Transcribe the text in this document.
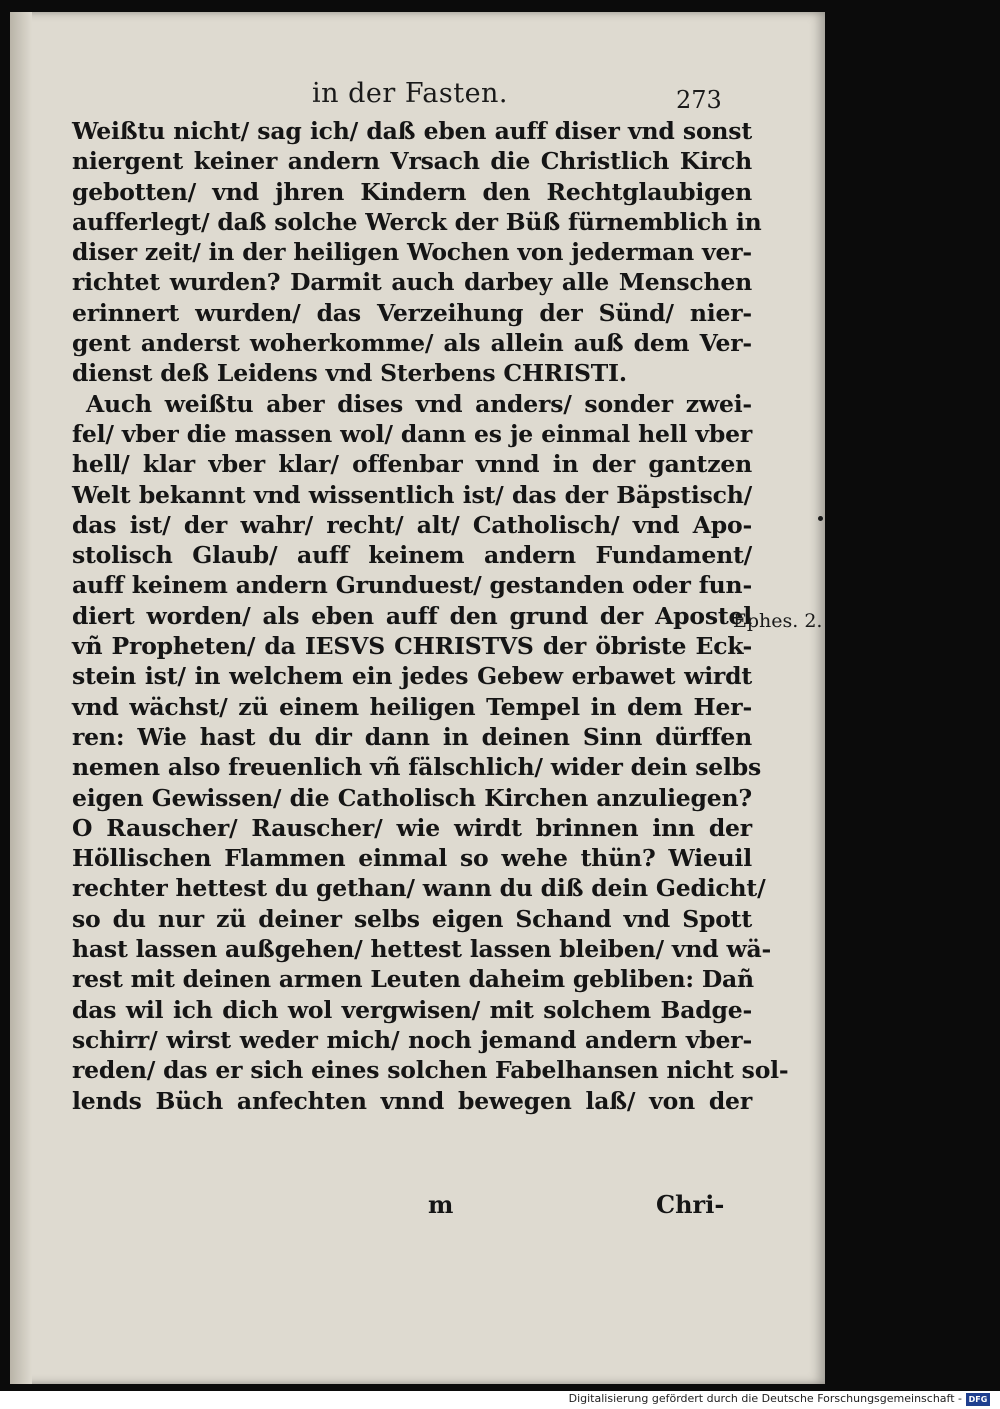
in der Fasten.	273
Weißtu nicht/ sag ich/ daß eben auff diser vnd sonst
niergent keiner andern Vrsach die Christlich Kirch
gebotten/ vnd jhren Kindern den Rechtglaubigen
aufferlegt/ daß solche Werck der Büß fürnemblich in
diser zeit/ in der heiligen Wochen von jederman ver-
richtet wurden? Darmit auch darbey alle Menschen
erinnert wurden/ das Verzeihung der Sünd/ nier-
gent anderst woherkomme/ als allein auß dem Ver-
dienst deß Leidens vnd Sterbens CHRISTI.
Auch weißtu aber dises vnd anders/ sonder zwei-
fel/ vber die massen wol/ dann es je einmal hell vber
hell/ klar vber klar/ offenbar vnnd in der gantzen
Welt bekannt vnd wissentlich ist/ das der Bäpstisch/
das ist/ der wahr/ recht/ alt/ Catholisch/ vnd Apo-
stolisch Glaub/ auff keinem andern Fundament/
auff keinem andern Grunduest/ gestanden oder fun-
diert worden/ als eben auff den grund der Apostel
vñ Propheten/ da IESVS CHRISTVS der öbriste Eck-
stein ist/ in welchem ein jedes Gebew erbawet wirdt
vnd wächst/ zü einem heiligen Tempel in dem Her-
ren: Wie hast du dir dann in deinen Sinn dürffen
nemen also freuenlich vñ fälschlich/ wider dein selbs
eigen Gewissen/ die Catholisch Kirchen anzuliegen?
O Rauscher/ Rauscher/ wie wirdt brinnen inn der
Höllischen Flammen einmal so wehe thün? Wieuil
rechter hettest du gethan/ wann du diß dein Gedicht/
so du nur zü deiner selbs eigen Schand vnd Spott
hast lassen außgehen/ hettest lassen bleiben/ vnd wä-
rest mit deinen armen Leuten daheim gebliben: Dañ
das wil ich dich wol vergwisen/ mit solchem Badge-
schirr/ wirst weder mich/ noch jemand andern vber-
reden/ das er sich eines solchen Fabelhansen nicht sol-
lends Büch anfechten vnnd bewegen laß/ von der
Ephes. 2.
m	Chri-
Digitalisierung gefördert durch die Deutsche Forschungsgemeinschaft - DFG
